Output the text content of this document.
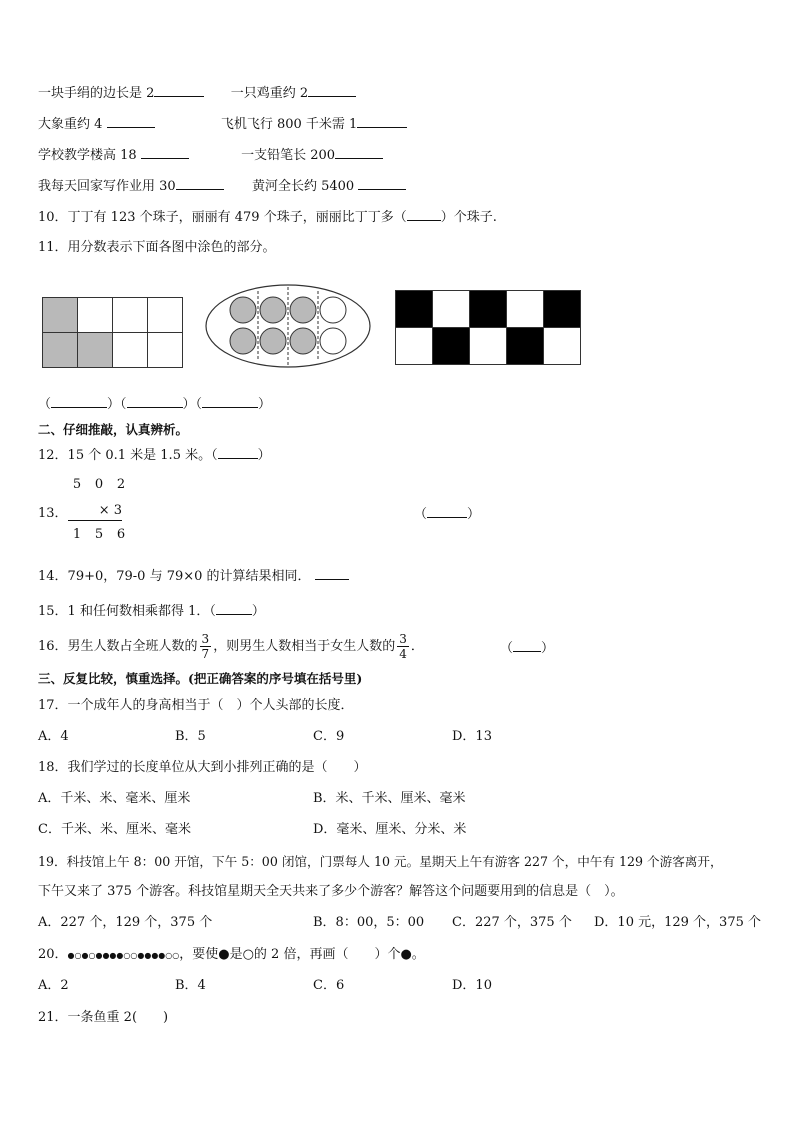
一块手绢的边长是 2	一只鸡重约 2
大象重约 4	飞机飞行 800 千米需 1
学校教学楼高 18	一支铅笔长 200
我每天回家写作业用 30	黄河全长约 5400
10．丁丁有 123 个珠子，丽丽有 479 个珠子，丽丽比丁丁多（	）个珠子.
11．用分数表示下面各图中涂色的部分。
（	）（	）（	）
二、仔细推敲，认真辨析。
12．15 个 0.1 米是 1.5 米。（	）
5 0 2
13．	× 3
1 5 6
（	）
14．79+0，79-0 与 79×0 的计算结果相同．
15．1 和任何数相乘都得 1．（	）
16．男生人数占全班人数的 $\frac{3}{7}$ ，则男生人数相当于女生人数的 $\frac{3}{4}$ ．	（ ）
三、反复比较，慎重选择。(把正确答案的序号填在括号里)
17．一个成年人的身高相当于（　）个人头部的长度．
A．4	B．5	C．9	D．13
18．我们学过的长度单位从大到小排列正确的是（　　）
A．千米、米、毫米、厘米	B．米、千米、厘米、毫米
C．千米、米、厘米、毫米	D．毫米、厘米、分米、米
19．科技馆上午 8：00 开馆，下午 5：00 闭馆，门票每人 10 元。星期天上午有游客 227 个，中午有 129 个游客离开，
下午又来了 375 个游客。科技馆星期天全天共来了多少个游客？解答这个问题要用到的信息是（　）。
A．227 个，129 个，375 个	B．8：00，5：00 C．227 个，375 个 D．10 元，129 个，375 个
20．●○●○●●●●○○●●●●○○，要使●是○的 2 倍，再画（　　）个●。
A．2	B．4	C．6	D．10
21．一条鱼重 2(　　)
